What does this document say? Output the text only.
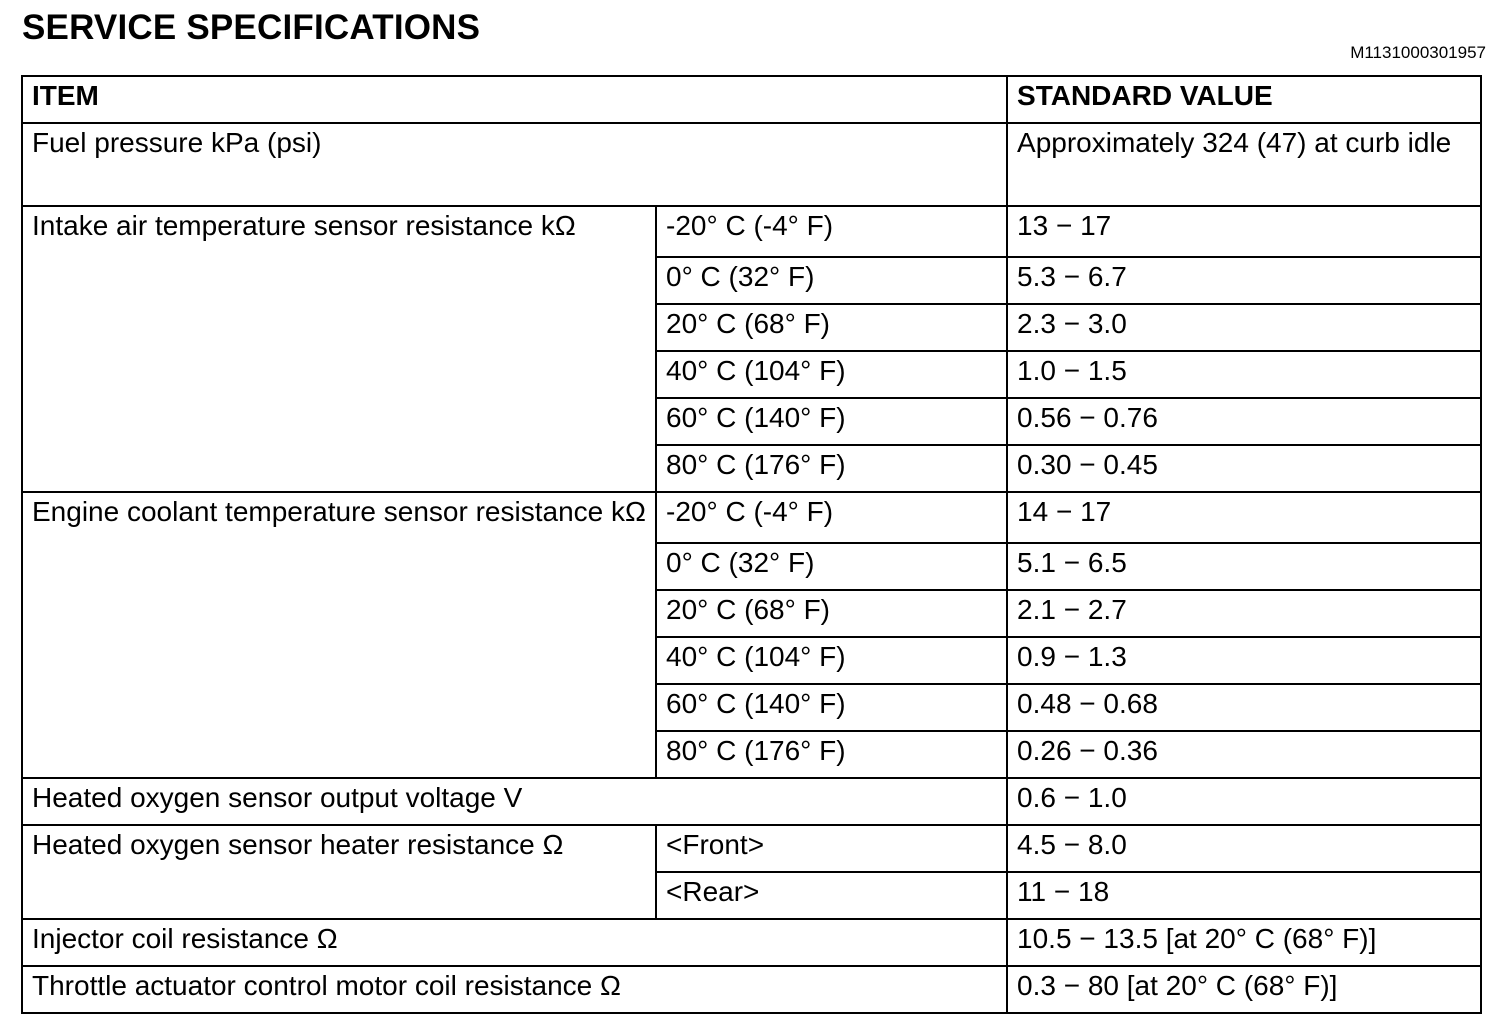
SERVICE SPECIFICATIONS
M1131000301957
ITEM		STANDARD VALUE
Fuel pressure kPa (psi)		Approximately 324 (47) at curb idle
Intake air temperature sensor resistance kΩ	-20° C (-4° F)	13 − 17
	0° C (32° F)	5.3 − 6.7
	20° C (68° F)	2.3 − 3.0
	40° C (104° F)	1.0 − 1.5
	60° C (140° F)	0.56 − 0.76
	80° C (176° F)	0.30 − 0.45
Engine coolant temperature sensor resistance kΩ	-20° C (-4° F)	14 − 17
	0° C (32° F)	5.1 − 6.5
	20° C (68° F)	2.1 − 2.7
	40° C (104° F)	0.9 − 1.3
	60° C (140° F)	0.48 − 0.68
	80° C (176° F)	0.26 − 0.36
Heated oxygen sensor output voltage V		0.6 − 1.0
Heated oxygen sensor heater resistance Ω	<Front>	4.5 − 8.0
	<Rear>	11 − 18
Injector coil resistance Ω		10.5 − 13.5 [at 20° C (68° F)]
Throttle actuator control motor coil resistance Ω		0.3 − 80 [at 20° C (68° F)]
